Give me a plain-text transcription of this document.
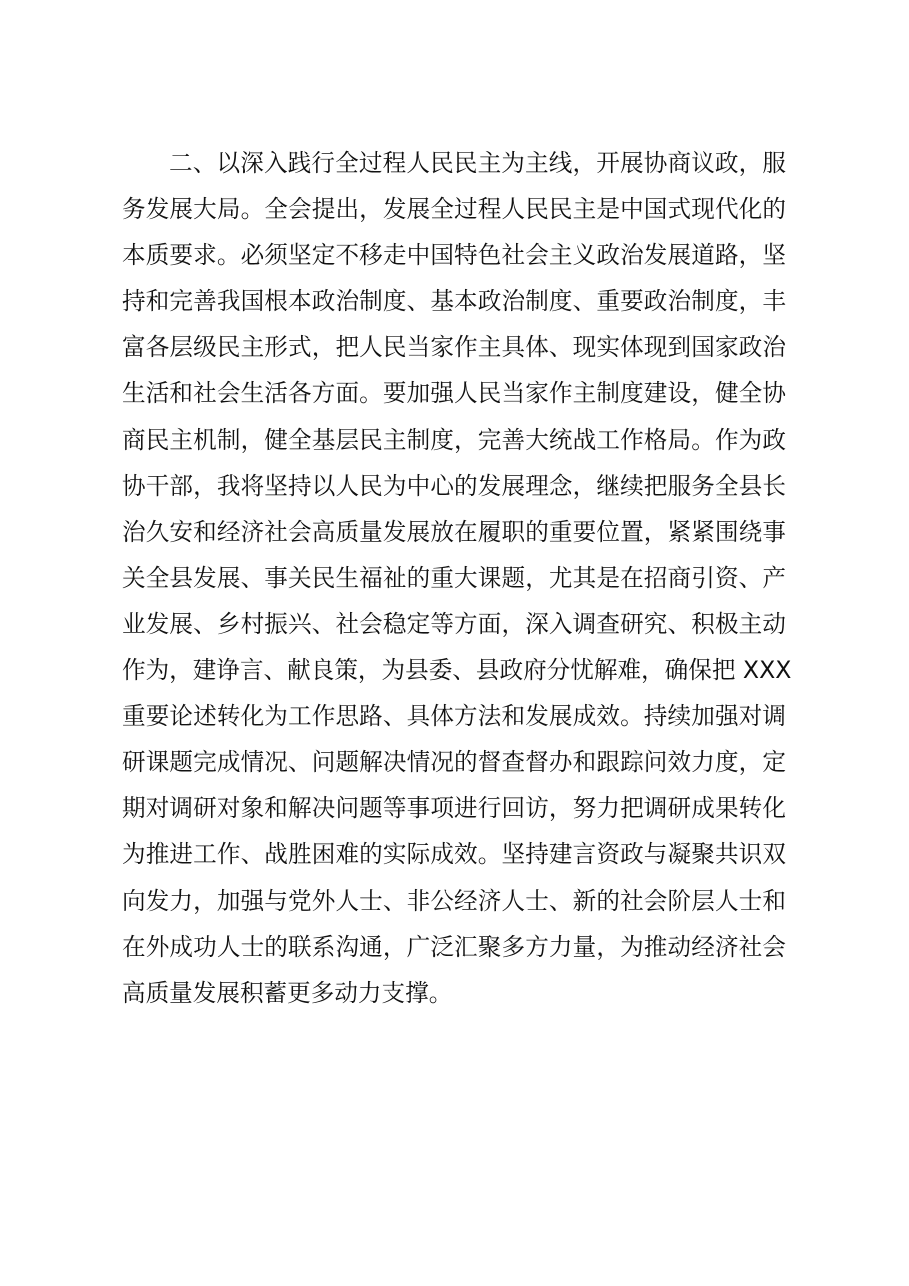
二、以深入践行全过程人民民主为主线，开展协商议政，服
务发展大局。全会提出，发展全过程人民民主是中国式现代化的
本质要求。必须坚定不移走中国特色社会主义政治发展道路，坚
持和完善我国根本政治制度、基本政治制度、重要政治制度，丰
富各层级民主形式，把人民当家作主具体、现实体现到国家政治
生活和社会生活各方面。要加强人民当家作主制度建设，健全协
商民主机制，健全基层民主制度，完善大统战工作格局。作为政
协干部，我将坚持以人民为中心的发展理念，继续把服务全县长
治久安和经济社会高质量发展放在履职的重要位置，紧紧围绕事
关全县发展、事关民生福祉的重大课题，尤其是在招商引资、产
业发展、乡村振兴、社会稳定等方面，深入调查研究、积极主动
作为，建诤言、献良策，为县委、县政府分忧解难，确保把 XXX
重要论述转化为工作思路、具体方法和发展成效。持续加强对调
研课题完成情况、问题解决情况的督查督办和跟踪问效力度，定
期对调研对象和解决问题等事项进行回访，努力把调研成果转化
为推进工作、战胜困难的实际成效。坚持建言资政与凝聚共识双
向发力，加强与党外人士、非公经济人士、新的社会阶层人士和
在外成功人士的联系沟通，广泛汇聚多方力量，为推动经济社会
高质量发展积蓄更多动力支撑。
